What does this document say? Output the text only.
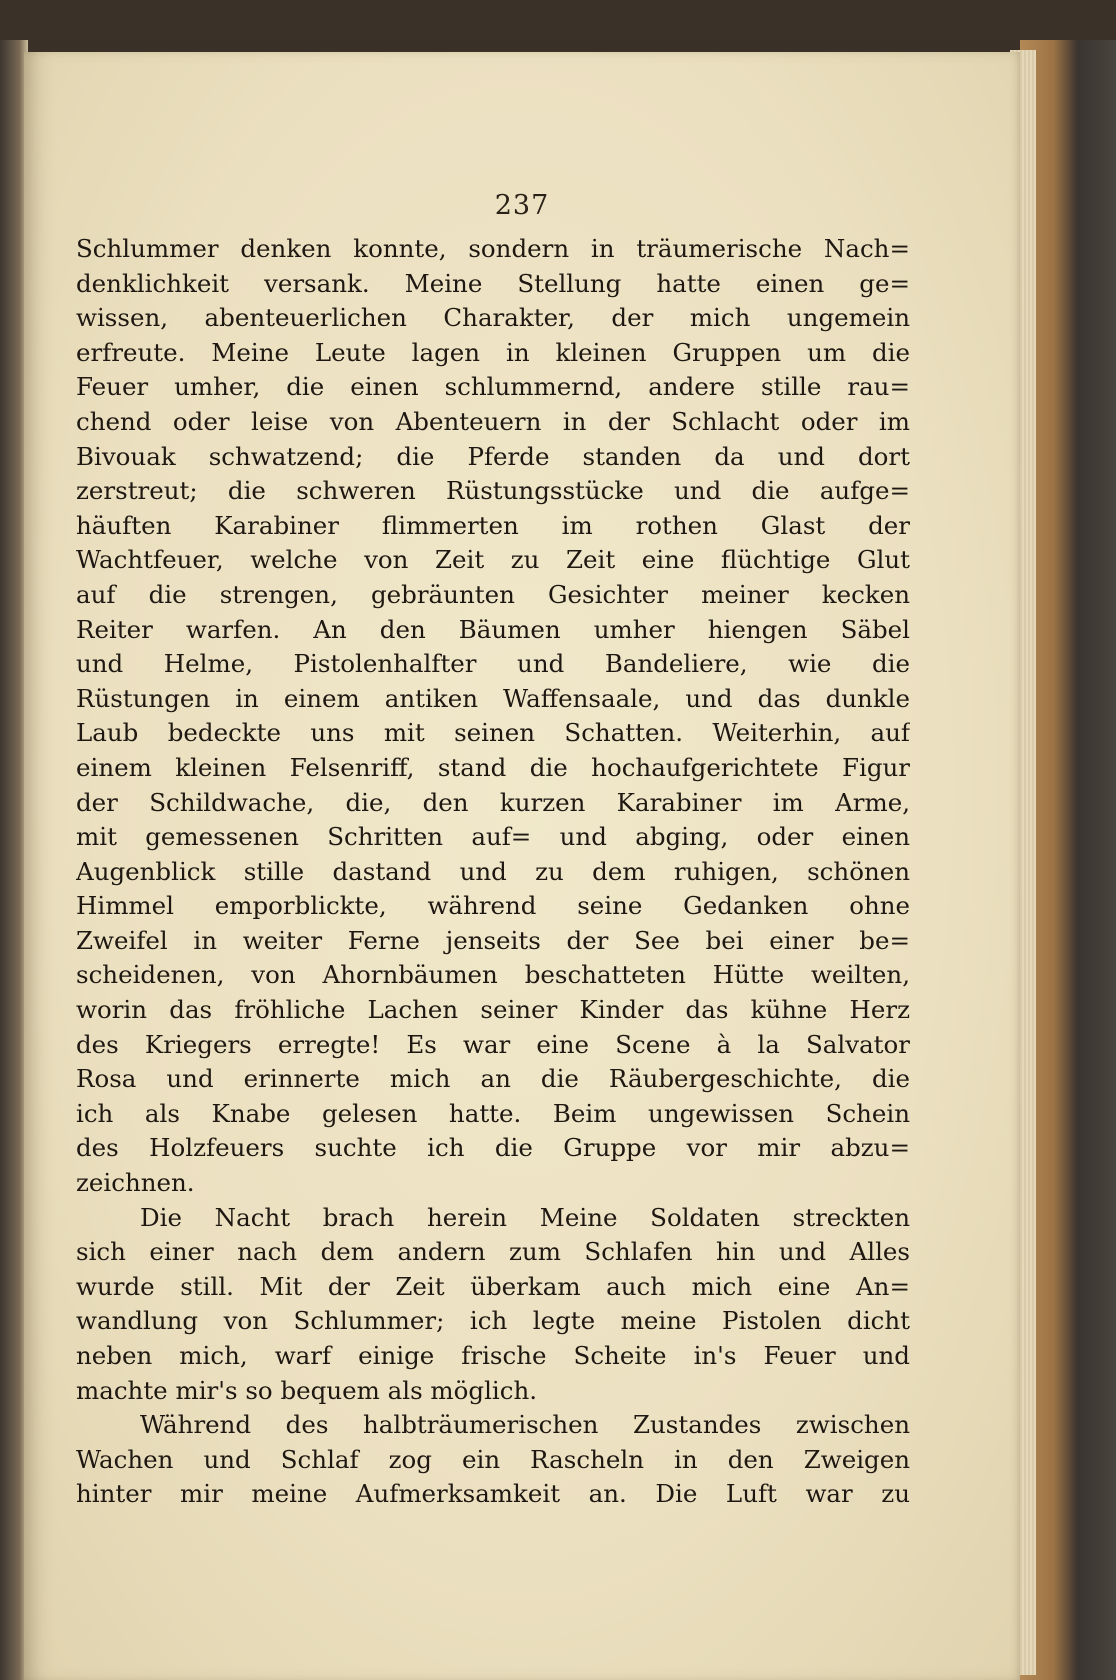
237
Schlummer denken konnte, sondern in träumerische Nach=
denklichkeit versank. Meine Stellung hatte einen ge=
wissen, abenteuerlichen Charakter, der mich ungemein
erfreute. Meine Leute lagen in kleinen Gruppen um die
Feuer umher, die einen schlummernd, andere stille rau=
chend oder leise von Abenteuern in der Schlacht oder im
Bivouak schwatzend; die Pferde standen da und dort
zerstreut; die schweren Rüstungsstücke und die aufge=
häuften Karabiner flimmerten im rothen Glast der
Wachtfeuer, welche von Zeit zu Zeit eine flüchtige Glut
auf die strengen, gebräunten Gesichter meiner kecken
Reiter warfen. An den Bäumen umher hiengen Säbel
und Helme, Pistolenhalfter und Bandeliere, wie die
Rüstungen in einem antiken Waffensaale, und das dunkle
Laub bedeckte uns mit seinen Schatten. Weiterhin, auf
einem kleinen Felsenriff, stand die hochaufgerichtete Figur
der Schildwache, die, den kurzen Karabiner im Arme,
mit gemessenen Schritten auf= und abging, oder einen
Augenblick stille dastand und zu dem ruhigen, schönen
Himmel emporblickte, während seine Gedanken ohne
Zweifel in weiter Ferne jenseits der See bei einer be=
scheidenen, von Ahornbäumen beschatteten Hütte weilten,
worin das fröhliche Lachen seiner Kinder das kühne Herz
des Kriegers erregte! Es war eine Scene à la Salvator
Rosa und erinnerte mich an die Räubergeschichte, die
ich als Knabe gelesen hatte. Beim ungewissen Schein
des Holzfeuers suchte ich die Gruppe vor mir abzu=
zeichnen.
Die Nacht brach herein Meine Soldaten streckten
sich einer nach dem andern zum Schlafen hin und Alles
wurde still. Mit der Zeit überkam auch mich eine An=
wandlung von Schlummer; ich legte meine Pistolen dicht
neben mich, warf einige frische Scheite in's Feuer und
machte mir's so bequem als möglich.
Während des halbträumerischen Zustandes zwischen
Wachen und Schlaf zog ein Rascheln in den Zweigen
hinter mir meine Aufmerksamkeit an. Die Luft war zu
